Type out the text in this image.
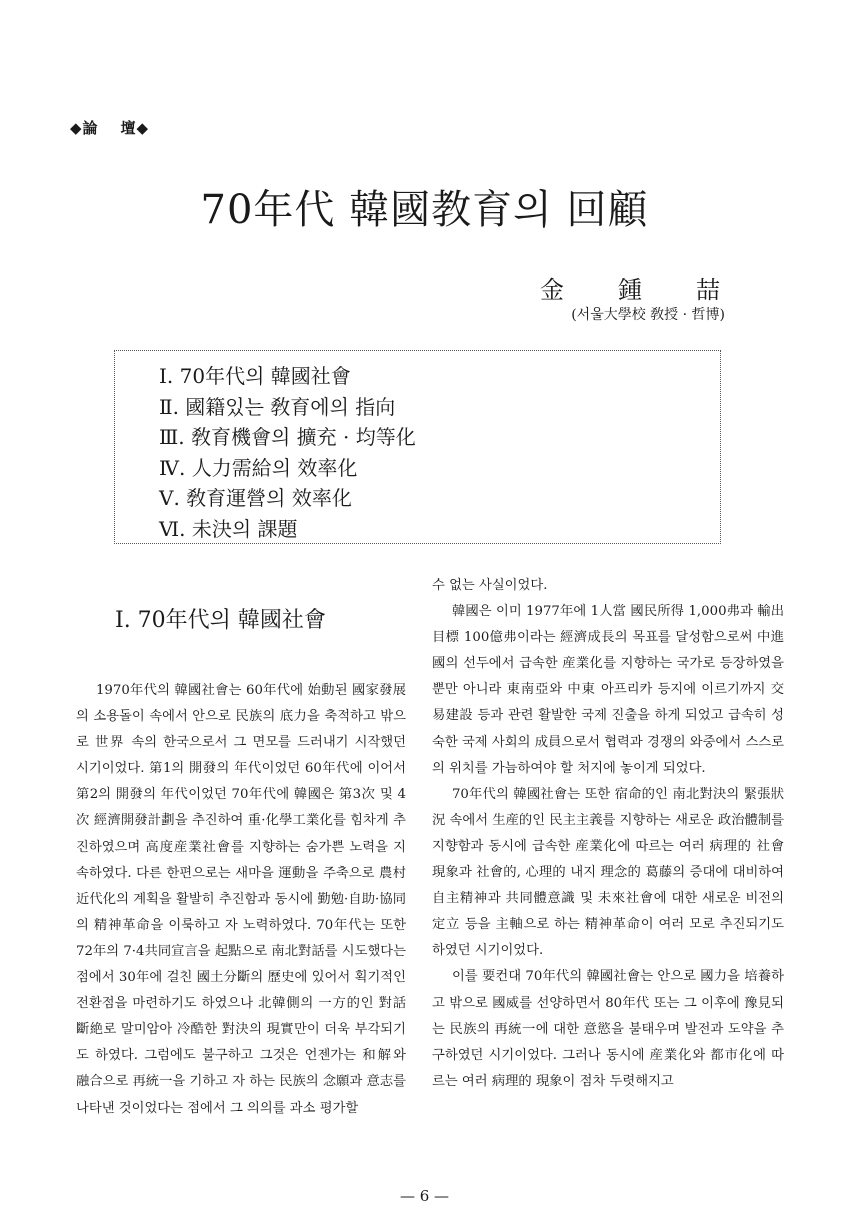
◆論 壇◆
70年代 韓國教育의 回顧
金 鍾 喆
(서울大學校 敎授 · 哲博)
Ⅰ. 70年代의 韓國社會
Ⅱ. 國籍있는 敎育에의 指向
Ⅲ. 敎育機會의 擴充 · 均等化
Ⅳ. 人力需給의 效率化
Ⅴ. 敎育運營의 效率化
Ⅵ. 未決의 課題
Ⅰ. 70年代의 韓國社會

1970年代의 韓國社會는 60年代에 始動된 國家發展의 소용돌이 속에서 안으로 民族의 底力을 축적하고 밖으로 世界 속의 한국으로서 그 면모를 드러내기 시작했던 시기이었다. 第1의 開發의 年代이었던 60年代에 이어서 第2의 開發의 年代이었던 70年代에 韓國은 第3次 및 4次 經濟開發計劃을 추진하여 重·化學工業化를 힘차게 추진하였으며 高度産業社會를 지향하는 숨가쁜 노력을 지속하였다. 다른 한편으로는 새마을 運動을 주축으로 農村 近代化의 계획을 활발히 추진함과 동시에 勤勉·自助·協同의 精神革命을 이룩하고 자 노력하였다. 70年代는 또한 72年의 7·4共同宣言을 起點으로 南北對話를 시도했다는 점에서 30年에 걸친 國土分斷의 歷史에 있어서 획기적인 전환점을 마련하기도 하였으나 北韓側의 一方的인 對話斷絶로 말미암아 冷酷한 對決의 現實만이 더욱 부각되기도 하였다. 그럼에도 불구하고 그것은 언젠가는 和解와 融合으로 再統一을 기하고 자 하는 民族의 念願과 意志를 나타낸 것이었다는 점에서 그 의의를 과소 평가할

수 없는 사실이었다.

韓國은 이미 1977年에 1人當 國民所得 1,000弗과 輸出目標 100億弗이라는 經濟成長의 목표를 달성함으로써 中進國의 선두에서 급속한 産業化를 지향하는 국가로 등장하였을 뿐만 아니라 東南亞와 中東 아프리카 등지에 이르기까지 交易建設 등과 관련 활발한 국제 진출을 하게 되었고 급속히 성숙한 국제 사회의 成員으로서 협력과 경쟁의 와중에서 스스로의 위치를 가늠하여야 할 처지에 놓이게 되었다.

70年代의 韓國社會는 또한 宿命的인 南北對決의 緊張狀況 속에서 生産的인 民主主義를 지향하는 새로운 政治體制를 지향함과 동시에 급속한 産業化에 따르는 여러 病理的 社會現象과 社會的, 心理的 내지 理念的 葛藤의 증대에 대비하여 自主精神과 共同體意識 및 未來社會에 대한 새로운 비전의 定立 등을 主軸으로 하는 精神革命이 여러 모로 추진되기도 하였던 시기이었다.

이를 要컨대 70年代의 韓國社會는 안으로 國力을 培養하고 밖으로 國威를 선양하면서 80年代 또는 그 이후에 豫見되는 民族의 再統一에 대한 意慾을 불태우며 발전과 도약을 추구하였던 시기이었다. 그러나 동시에 産業化와 都市化에 따르는 여러 病理的 現象이 점차 두렷해지고

— 6 —
